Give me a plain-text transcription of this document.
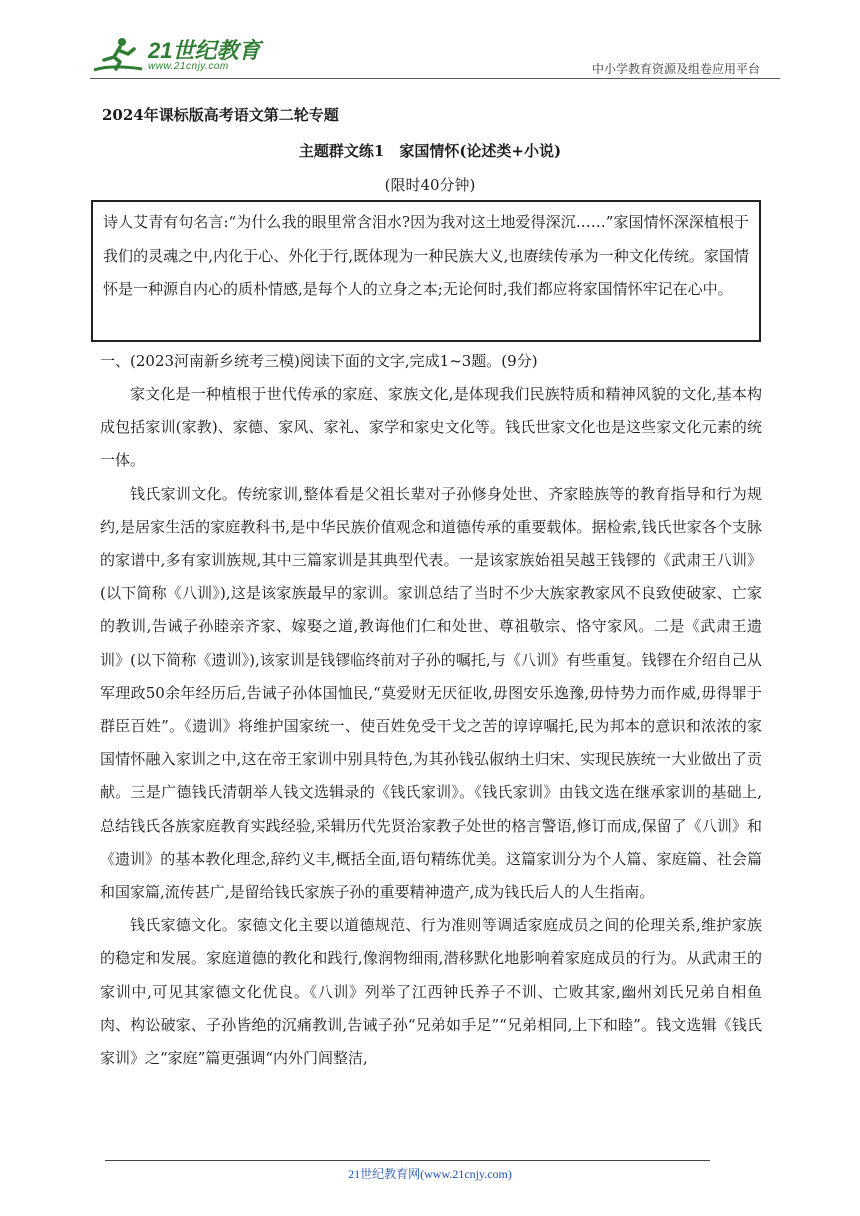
21世纪教育
www.21cnjy.com	中小学教育资源及组卷应用平台
2024年课标版高考语文第二轮专题
主题群文练1　家国情怀(论述类+小说)
(限时40分钟)
诗人艾青有句名言:“为什么我的眼里常含泪水?因为我对这土地爱得深沉……”家国情怀深深植根于我们的灵魂之中,内化于心、外化于行,既体现为一种民族大义,也赓续传承为一种文化传统。家国情怀是一种源自内心的质朴情感,是每个人的立身之本;无论何时,我们都应将家国情怀牢记在心中。
一、(2023河南新乡统考三模)阅读下面的文字,完成1~3题。(9分)

家文化是一种植根于世代传承的家庭、家族文化,是体现我们民族特质和精神风貌的文化,基本构成包括家训(家教)、家德、家风、家礼、家学和家史文化等。钱氏世家文化也是这些家文化元素的统一体。

钱氏家训文化。传统家训,整体看是父祖长辈对子孙修身处世、齐家睦族等的教育指导和行为规约,是居家生活的家庭教科书,是中华民族价值观念和道德传承的重要载体。据检索,钱氏世家各个支脉的家谱中,多有家训族规,其中三篇家训是其典型代表。一是该家族始祖吴越王钱镠的《武肃王八训》(以下简称《八训》),这是该家族最早的家训。家训总结了当时不少大族家教家风不良致使破家、亡家的教训,告诫子孙睦亲齐家、嫁娶之道,教诲他们仁和处世、尊祖敬宗、恪守家风。二是《武肃王遗训》(以下简称《遗训》),该家训是钱镠临终前对子孙的嘱托,与《八训》有些重复。钱镠在介绍自己从军理政50余年经历后,告诫子孙体国恤民,“莫爱财无厌征收,毋图安乐逸豫,毋恃势力而作威,毋得罪于群臣百姓”。《遗训》将维护国家统一、使百姓免受干戈之苦的谆谆嘱托,民为邦本的意识和浓浓的家国情怀融入家训之中,这在帝王家训中别具特色,为其孙钱弘俶纳土归宋、实现民族统一大业做出了贡献。三是广德钱氏清朝举人钱文选辑录的《钱氏家训》。《钱氏家训》由钱文选在继承家训的基础上,总结钱氏各族家庭教育实践经验,采辑历代先贤治家教子处世的格言警语,修订而成,保留了《八训》和《遗训》的基本教化理念,辞约义丰,概括全面,语句精练优美。这篇家训分为个人篇、家庭篇、社会篇和国家篇,流传甚广,是留给钱氏家族子孙的重要精神遗产,成为钱氏后人的人生指南。

钱氏家德文化。家德文化主要以道德规范、行为准则等调适家庭成员之间的伦理关系,维护家族的稳定和发展。家庭道德的教化和践行,像润物细雨,潜移默化地影响着家庭成员的行为。从武肃王的家训中,可见其家德文化优良。《八训》列举了江西钟氏养子不训、亡败其家,幽州刘氏兄弟自相鱼肉、构讼破家、子孙皆绝的沉痛教训,告诫子孙“兄弟如手足”“兄弟相同,上下和睦”。钱文选辑《钱氏家训》之“家庭”篇更强调“内外门闾整洁,

21世纪教育网(www.21cnjy.com)
